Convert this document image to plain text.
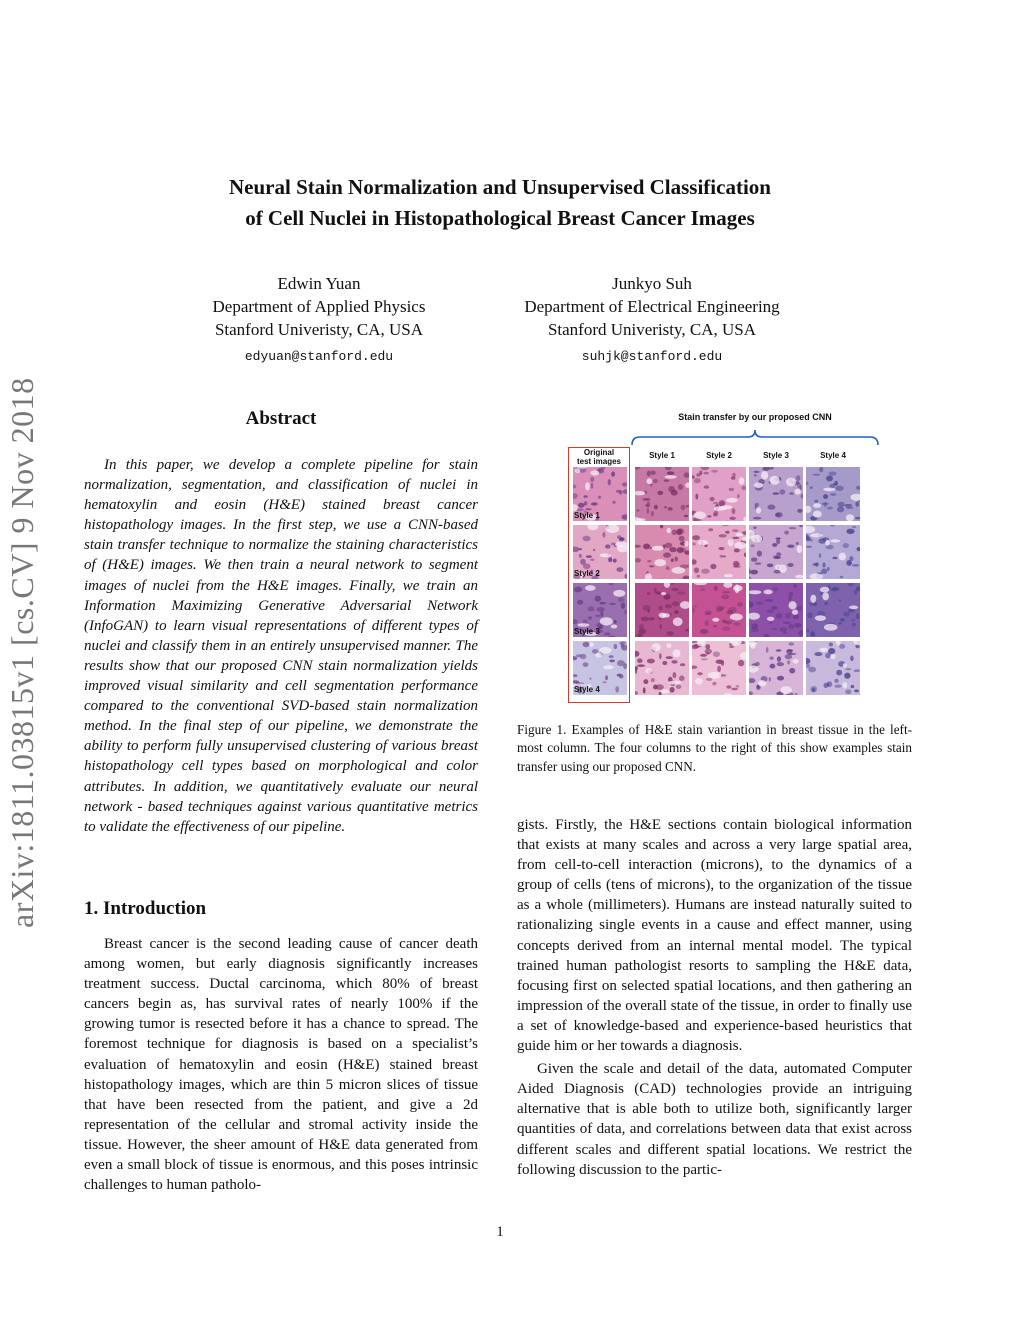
Neural Stain Normalization and Unsupervised Classification
of Cell Nuclei in Histopathological Breast Cancer Images
Edwin Yuan
Department of Applied Physics
Stanford Univeristy, CA, USA
edyuan@stanford.edu
Junkyo Suh
Department of Electrical Engineering
Stanford Univeristy, CA, USA
suhjk@stanford.edu
arXiv:1811.03815v1 [cs.CV] 9 Nov 2018	Abstract

In this paper, we develop a complete pipeline for stain normalization, segmentation, and classification of nuclei in hematoxylin and eosin (H&E) stained breast cancer histopathology images. In the first step, we use a CNN-based stain transfer technique to normalize the staining characteristics of (H&E) images. We then train a neural network to segment images of nuclei from the H&E images. Finally, we train an Information Maximizing Generative Adversarial Network (InfoGAN) to learn visual representations of different types of nuclei and classify them in an entirely unsupervised manner. The results show that our proposed CNN stain normalization yields improved visual similarity and cell segmentation performance compared to the conventional SVD-based stain normalization method. In the final step of our pipeline, we demonstrate the ability to perform fully unsupervised clustering of various breast histopathology cell types based on morphological and color attributes. In addition, we quantitatively evaluate our neural network - based techniques against various quantitative metrics to validate the effectiveness of our pipeline.

1. Introduction

Breast cancer is the second leading cause of cancer death among women, but early diagnosis significantly increases treatment success. Ductal carcinoma, which 80% of breast cancers begin as, has survival rates of nearly 100% if the growing tumor is resected before it has a chance to spread. The foremost technique for diagnosis is based on a specialist’s evaluation of hematoxylin and eosin (H&E) stained breast histopathology images, which are thin 5 micron slices of tissue that have been resected from the patient, and give a 2d representation of the cellular and stromal activity inside the tissue. However, the sheer amount of H&E data generated from even a small block of tissue is enormous, and this poses intrinsic challenges to human patholo-

Stain transfer by our proposed CNN
Original
test images
Style 1	Style 2	Style 3	Style 4
Style 1
Style 2
Style 3
Style 4
Figure 1. Examples of H&E stain variantion in breast tissue in the left-most column. The four columns to the right of this show examples stain transfer using our proposed CNN.

gists. Firstly, the H&E sections contain biological information that exists at many scales and across a very large spatial area, from cell-to-cell interaction (microns), to the dynamics of a group of cells (tens of microns), to the organization of the tissue as a whole (millimeters). Humans are instead naturally suited to rationalizing single events in a cause and effect manner, using concepts derived from an internal mental model. The typical trained human pathologist resorts to sampling the H&E data, focusing first on selected spatial locations, and then gathering an impression of the overall state of the tissue, in order to finally use a set of knowledge-based and experience-based heuristics that guide him or her towards a diagnosis.

Given the scale and detail of the data, automated Computer Aided Diagnosis (CAD) technologies provide an intriguing alternative that is able both to utilize both, significantly larger quantities of data, and correlations between data that exist across different scales and different spatial locations. We restrict the following discussion to the partic-

1
